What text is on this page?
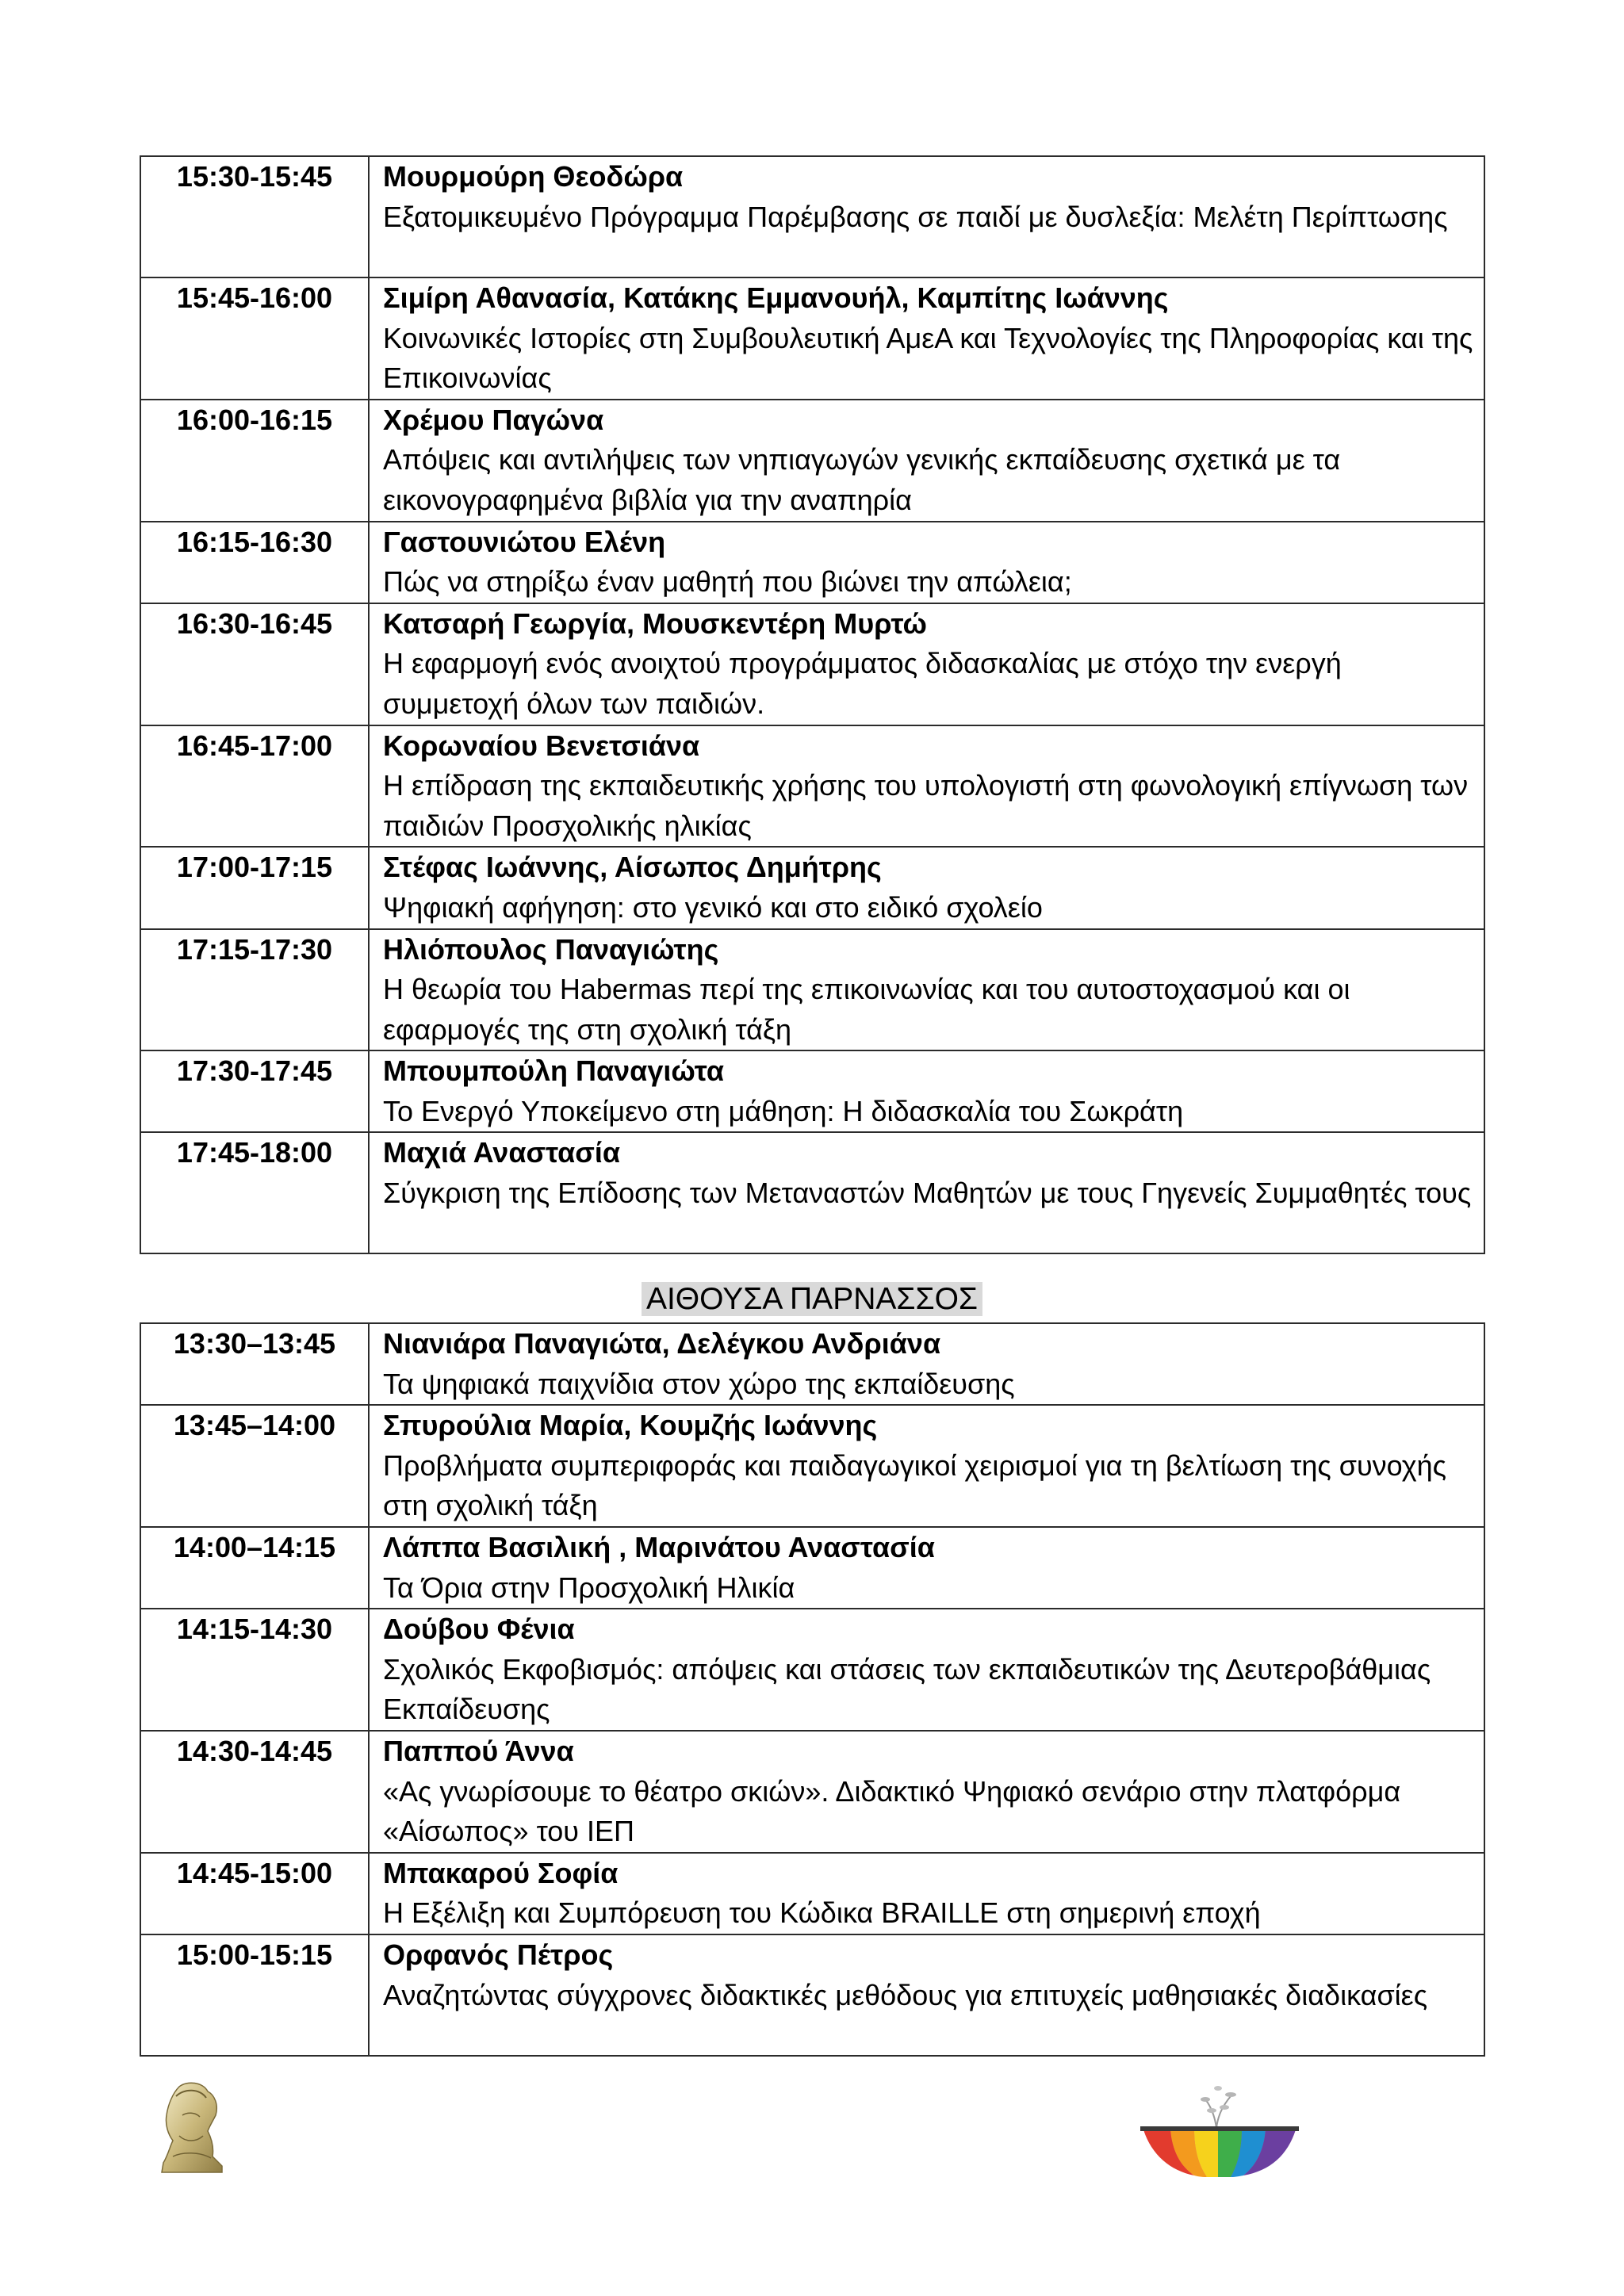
15:30-15:45	Μουρμούρη Θεοδώρα
Εξατομικευμένο Πρόγραμμα Παρέμβασης σε παιδί με δυσλεξία: Μελέτη Περίπτωσης

15:45-16:00	Σιμίρη Αθανασία, Κατάκης Εμμανουήλ, Καμπίτης Ιωάννης
Κοινωνικές Ιστορίες στη Συμβουλευτική ΑμεΑ και Τεχνολογίες της Πληροφορίας και της Επικοινωνίας

16:00-16:15	Χρέμου Παγώνα
Απόψεις και αντιλήψεις των νηπιαγωγών γενικής εκπαίδευσης σχετικά με τα εικονογραφημένα βιβλία για την αναπηρία

16:15-16:30	Γαστουνιώτου Ελένη
Πώς να στηρίξω έναν μαθητή που βιώνει την απώλεια;

16:30-16:45	Κατσαρή Γεωργία, Μουσκεντέρη Μυρτώ
Η εφαρμογή ενός ανοιχτού προγράμματος διδασκαλίας με στόχο την ενεργή συμμετοχή όλων των παιδιών.

16:45-17:00	Κορωναίου Βενετσιάνα
Η επίδραση της εκπαιδευτικής χρήσης του υπολογιστή στη φωνολογική επίγνωση των παιδιών Προσχολικής ηλικίας

17:00-17:15	Στέφας Ιωάννης, Αίσωπος Δημήτρης
Ψηφιακή αφήγηση: στο γενικό και στο ειδικό σχολείο

17:15-17:30	Ηλιόπουλος Παναγιώτης
Η θεωρία του Habermas περί της επικοινωνίας και του αυτοστοχασμού και οι εφαρμογές της στη σχολική τάξη

17:30-17:45	Μπουμπούλη Παναγιώτα
Το Ενεργό Υποκείμενο στη μάθηση: Η διδασκαλία του Σωκράτη

17:45-18:00	Μαχιά Αναστασία
Σύγκριση της Επίδοσης των Μεταναστών Μαθητών με τους Γηγενείς Συμμαθητές τους
ΑΙΘΟΥΣΑ ΠΑΡΝΑΣΣΟΣ
13:30–13:45	Νιανιάρα Παναγιώτα, Δελέγκου Ανδριάνα
Τα ψηφιακά παιχνίδια στον χώρο της εκπαίδευσης

13:45–14:00	Σπυρούλια Μαρία, Κουμζής Ιωάννης
Προβλήματα συμπεριφοράς και παιδαγωγικοί χειρισμοί για τη βελτίωση της συνοχής στη σχολική τάξη

14:00–14:15	Λάππα Βασιλική , Μαρινάτου Αναστασία
Τα Όρια στην Προσχολική Ηλικία

14:15-14:30	Δούβου Φένια
Σχολικός Εκφοβισμός: απόψεις και στάσεις των εκπαιδευτικών της Δευτεροβάθμιας Εκπαίδευσης

14:30-14:45	Παππού Άννα
«Ας γνωρίσουμε το θέατρο σκιών». Διδακτικό Ψηφιακό σενάριο στην πλατφόρμα «Αίσωπος» του ΙΕΠ

14:45-15:00	Μπακαρού Σοφία
Η Εξέλιξη και Συμπόρευση του Κώδικα BRAILLE στη σημερινή εποχή

15:00-15:15	Ορφανός Πέτρος
Αναζητώντας σύγχρονες διδακτικές μεθόδους για επιτυχείς μαθησιακές διαδικασίες
